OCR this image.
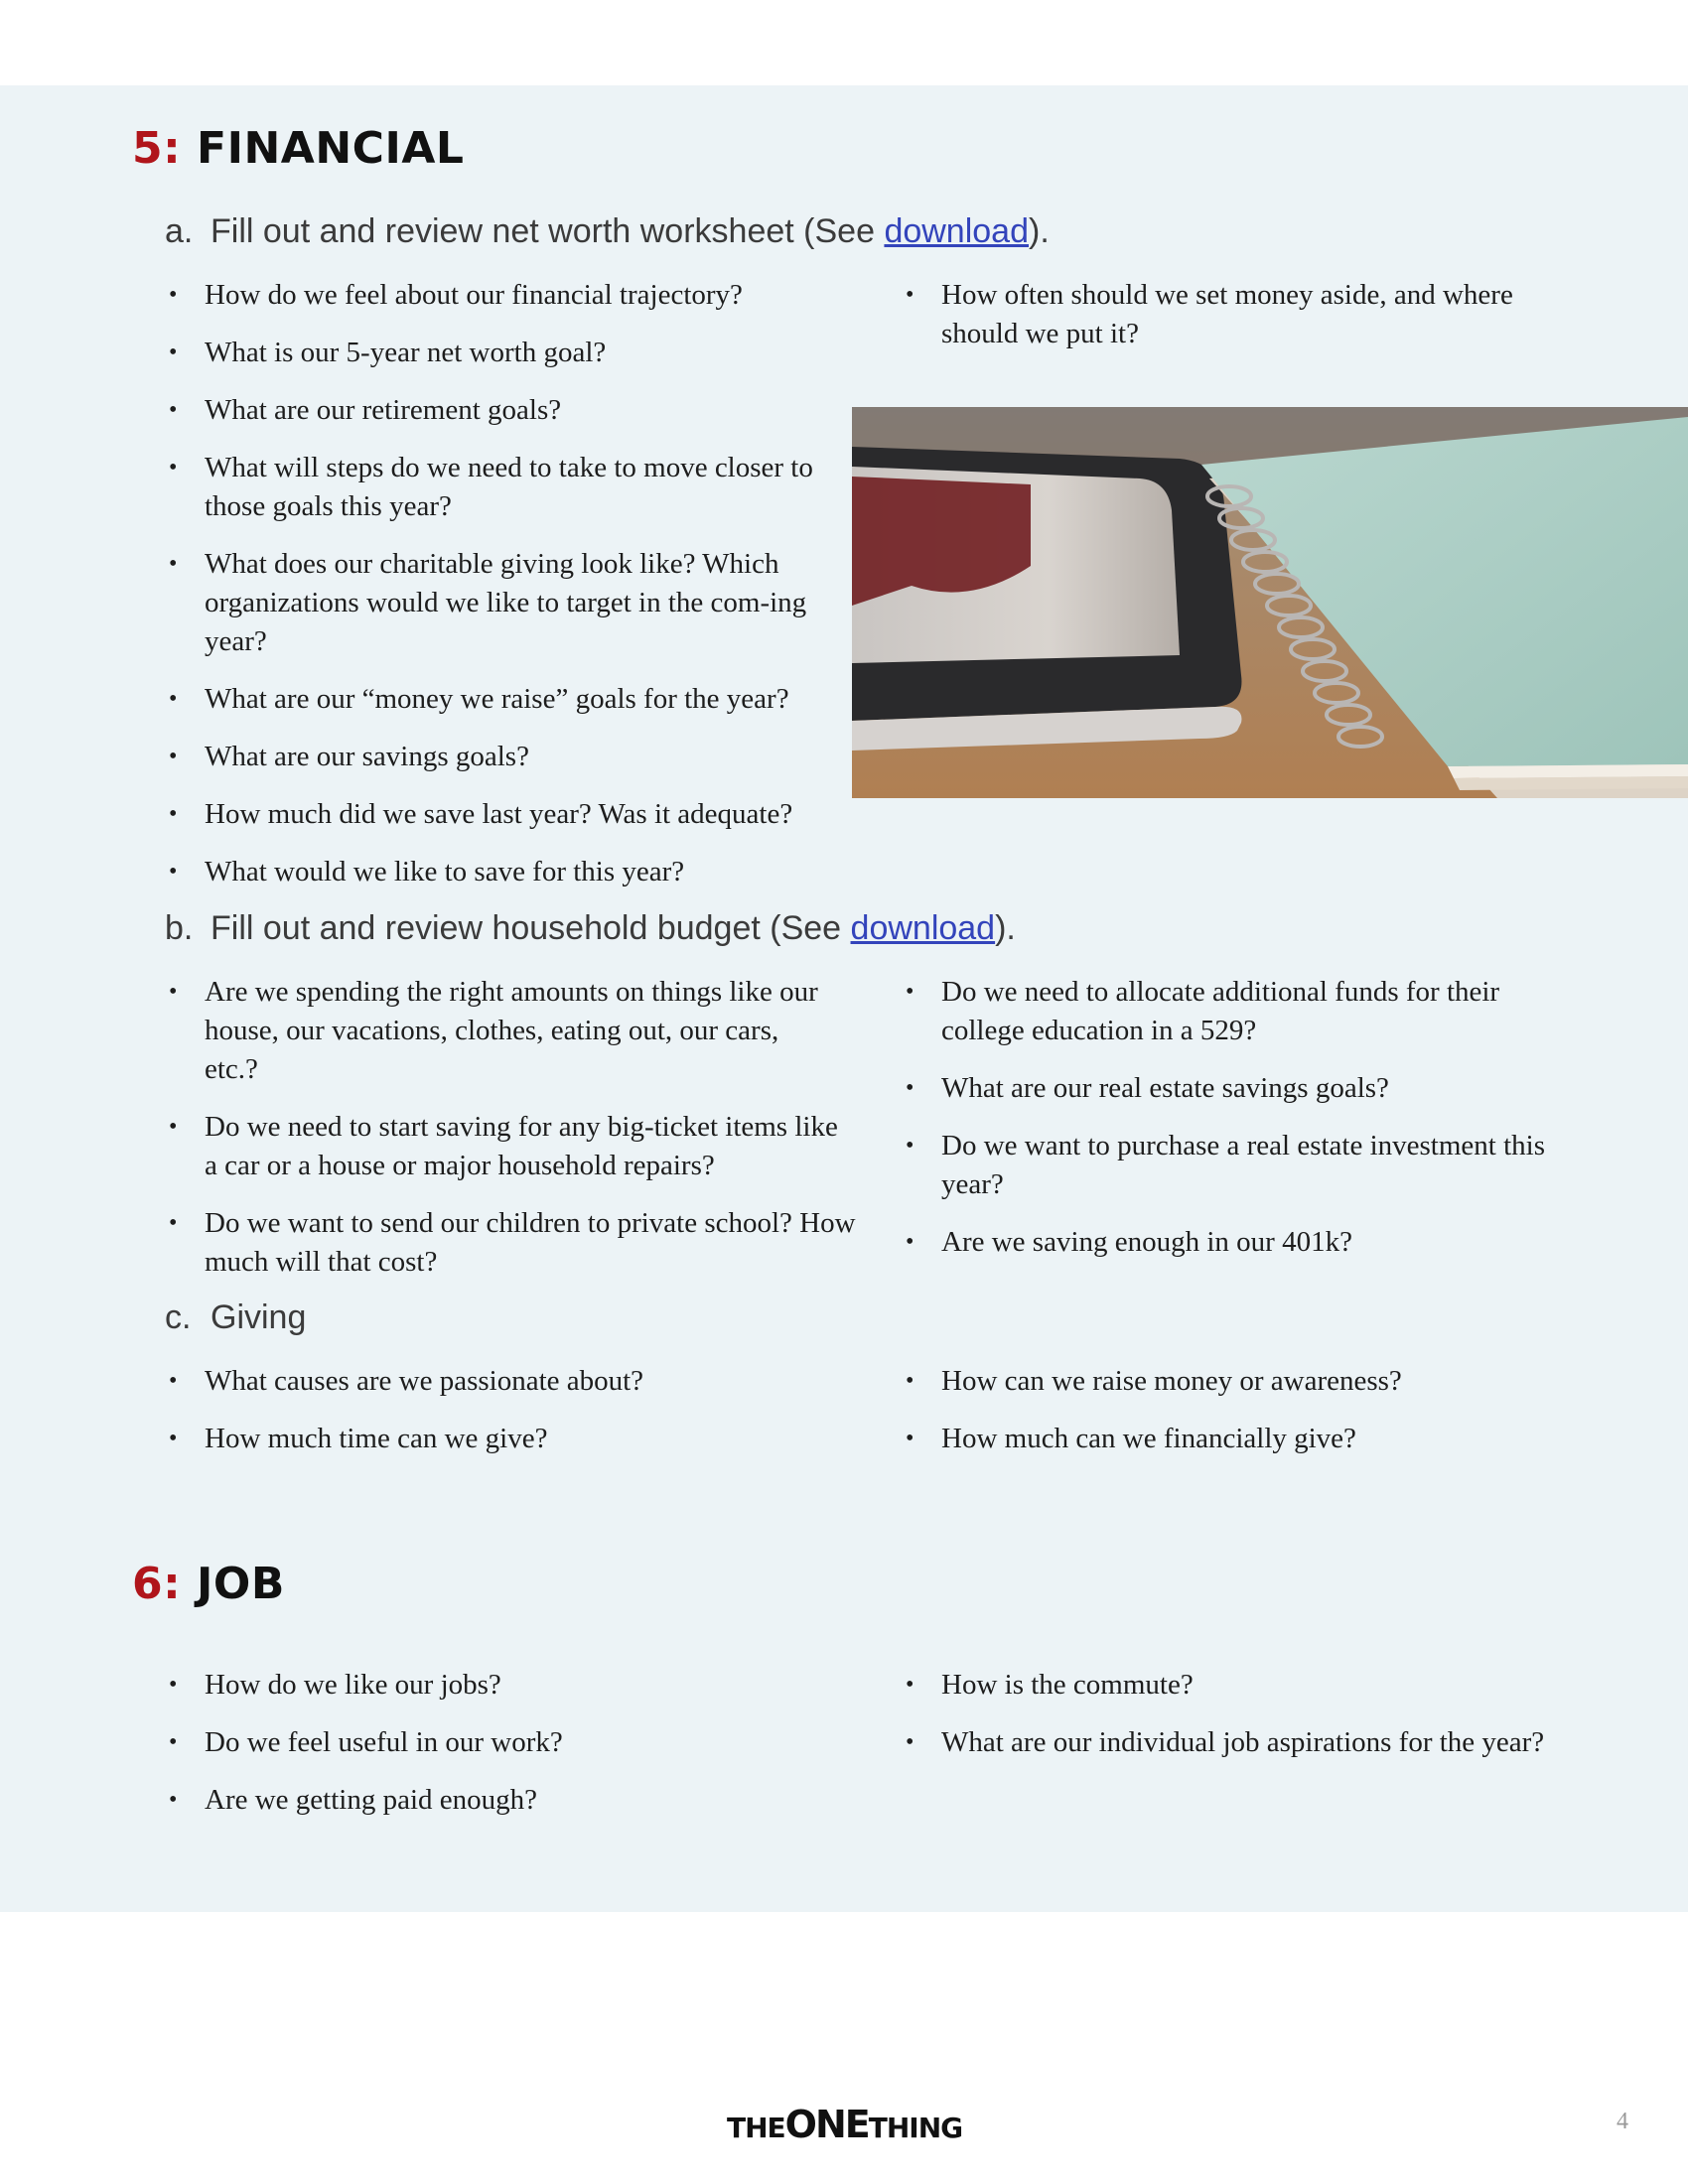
5: FINANCIAL

a. Fill out and review net worth worksheet (See download).

• How do we feel about our financial trajectory?
• What is our 5-year net worth goal?
• What are our retirement goals?
• What will steps do we need to take to move closer to those goals this year?
• What does our charitable giving look like? Which organizations would we like to target in the com-ing year?
• What are our “money we raise” goals for the year?
• What are our savings goals?
• How much did we save last year? Was it adequate?
• What would we like to save for this year?
• How often should we set money aside, and where should we put it?

b. Fill out and review household budget (See download).

• Are we spending the right amounts on things like our house, our vacations, clothes, eating out, our cars, etc.?
• Do we need to start saving for any big-ticket items like a car or a house or major household repairs?
• Do we want to send our children to private school? How much will that cost?
• Do we need to allocate additional funds for their college education in a 529?
• What are our real estate savings goals?
• Do we want to purchase a real estate investment this year?
• Are we saving enough in our 401k?

c. Giving

• What causes are we passionate about?
• How much time can we give?
• How can we raise money or awareness?
• How much can we financially give?
6: JOB
• How do we like our jobs?
• Do we feel useful in our work?
• Are we getting paid enough?
• How is the commute?
• What are our individual job aspirations for the year?
THEONETHING	4
